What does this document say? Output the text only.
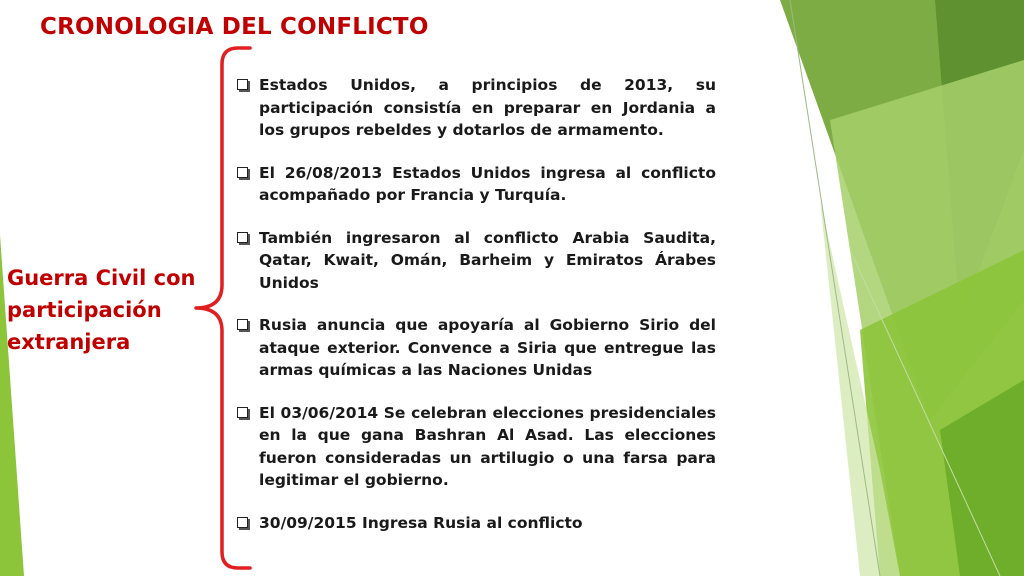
CRONOLOGIA DEL CONFLICTO
Guerra Civil con participación extranjera
Estados Unidos, a principios de 2013, su participación consistía en preparar en Jordania a los grupos rebeldes y dotarlos de armamento.
El 26/08/2013 Estados Unidos ingresa al conflicto acompañado por Francia y Turquía.
También ingresaron al conflicto Arabia Saudita, Qatar, Kwait, Omán, Barheim y Emiratos Árabes Unidos
Rusia anuncia que apoyaría al Gobierno Sirio del ataque exterior. Convence a Siria que entregue las armas químicas a las Naciones Unidas
El 03/06/2014 Se celebran elecciones presidenciales en la que gana Bashran Al Asad. Las elecciones fueron consideradas un artilugio o una farsa para legitimar el gobierno.
30/09/2015 Ingresa Rusia al conflicto
